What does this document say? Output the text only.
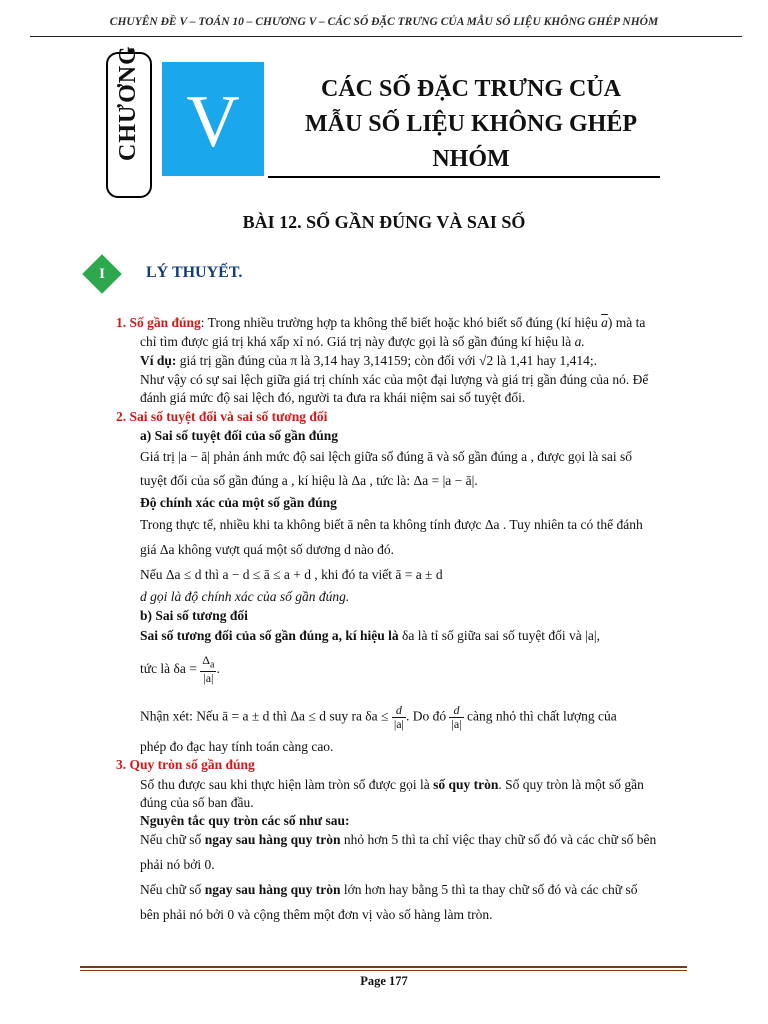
CHUYÊN ĐỀ V – TOÁN 10 – CHƯƠNG V – CÁC SỐ ĐẶC TRƯNG CỦA MẪU SỐ LIỆU KHÔNG GHÉP NHÓM
CHƯƠNG V	CÁC SỐ ĐẶC TRƯNG CỦA
MẪU SỐ LIỆU KHÔNG GHÉP
NHÓM
BÀI 12. SỐ GẦN ĐÚNG VÀ SAI SỐ
I	LÝ THUYẾT.
1. Số gần đúng: Trong nhiều trường hợp ta không thể biết hoặc khó biết số đúng (kí hiệu $\overline{a}$) mà ta
chỉ tìm được giá trị khá xấp xỉ nó. Giá trị này được gọi là số gần đúng kí hiệu là a.
Ví dụ: giá trị gần đúng của π là 3,14 hay 3,14159; còn đối với √2 là 1,41 hay 1,414;.
Như vậy có sự sai lệch giữa giá trị chính xác của một đại lượng và giá trị gần đúng của nó. Để
đánh giá mức độ sai lệch đó, người ta đưa ra khái niệm sai số tuyệt đối.
2. Sai số tuyệt đối và sai số tương đối
a) Sai số tuyệt đối của số gần đúng
Giá trị |a − ā| phản ánh mức độ sai lệch giữa số đúng ā và số gần đúng a , được gọi là sai số
tuyệt đối của số gần đúng a , kí hiệu là Δa , tức là: Δa = |a − ā|.
Độ chính xác của một số gần đúng
Trong thực tế, nhiều khi ta không biết ā nên ta không tính được Δa . Tuy nhiên ta có thể đánh
giá Δa không vượt quá một số dương d nào đó.
Nếu Δa ≤ d thì a − d ≤ ā ≤ a + d , khi đó ta viết ā = a ± d
d gọi là độ chính xác của số gần đúng.
b) Sai số tương đối
Sai số tương đối của số gần đúng a, kí hiệu là δa là tỉ số giữa sai số tuyệt đối và |a|,
tức là $\delta a = \frac{\Delta_a}{|a|}$ .
Nhận xét: Nếu ā = a ± d thì Δa ≤ d suy ra $\delta a \le \frac{d}{|a|}$ . Do đó $\frac{d}{|a|}$ càng nhỏ thì chất lượng của
phép đo đạc hay tính toán càng cao.
3. Quy tròn số gần đúng
Số thu được sau khi thực hiện làm tròn số được gọi là số quy tròn. Số quy tròn là một số gần
đúng của số ban đầu.
Nguyên tắc quy tròn các số như sau:
Nếu chữ số ngay sau hàng quy tròn nhỏ hơn 5 thì ta chỉ việc thay chữ số đó và các chữ số bên
phải nó bởi 0.
Nếu chữ số ngay sau hàng quy tròn lớn hơn hay bằng 5 thì ta thay chữ số đó và các chữ số
bên phải nó bởi 0 và cộng thêm một đơn vị vào số hàng làm tròn.
Page 177
